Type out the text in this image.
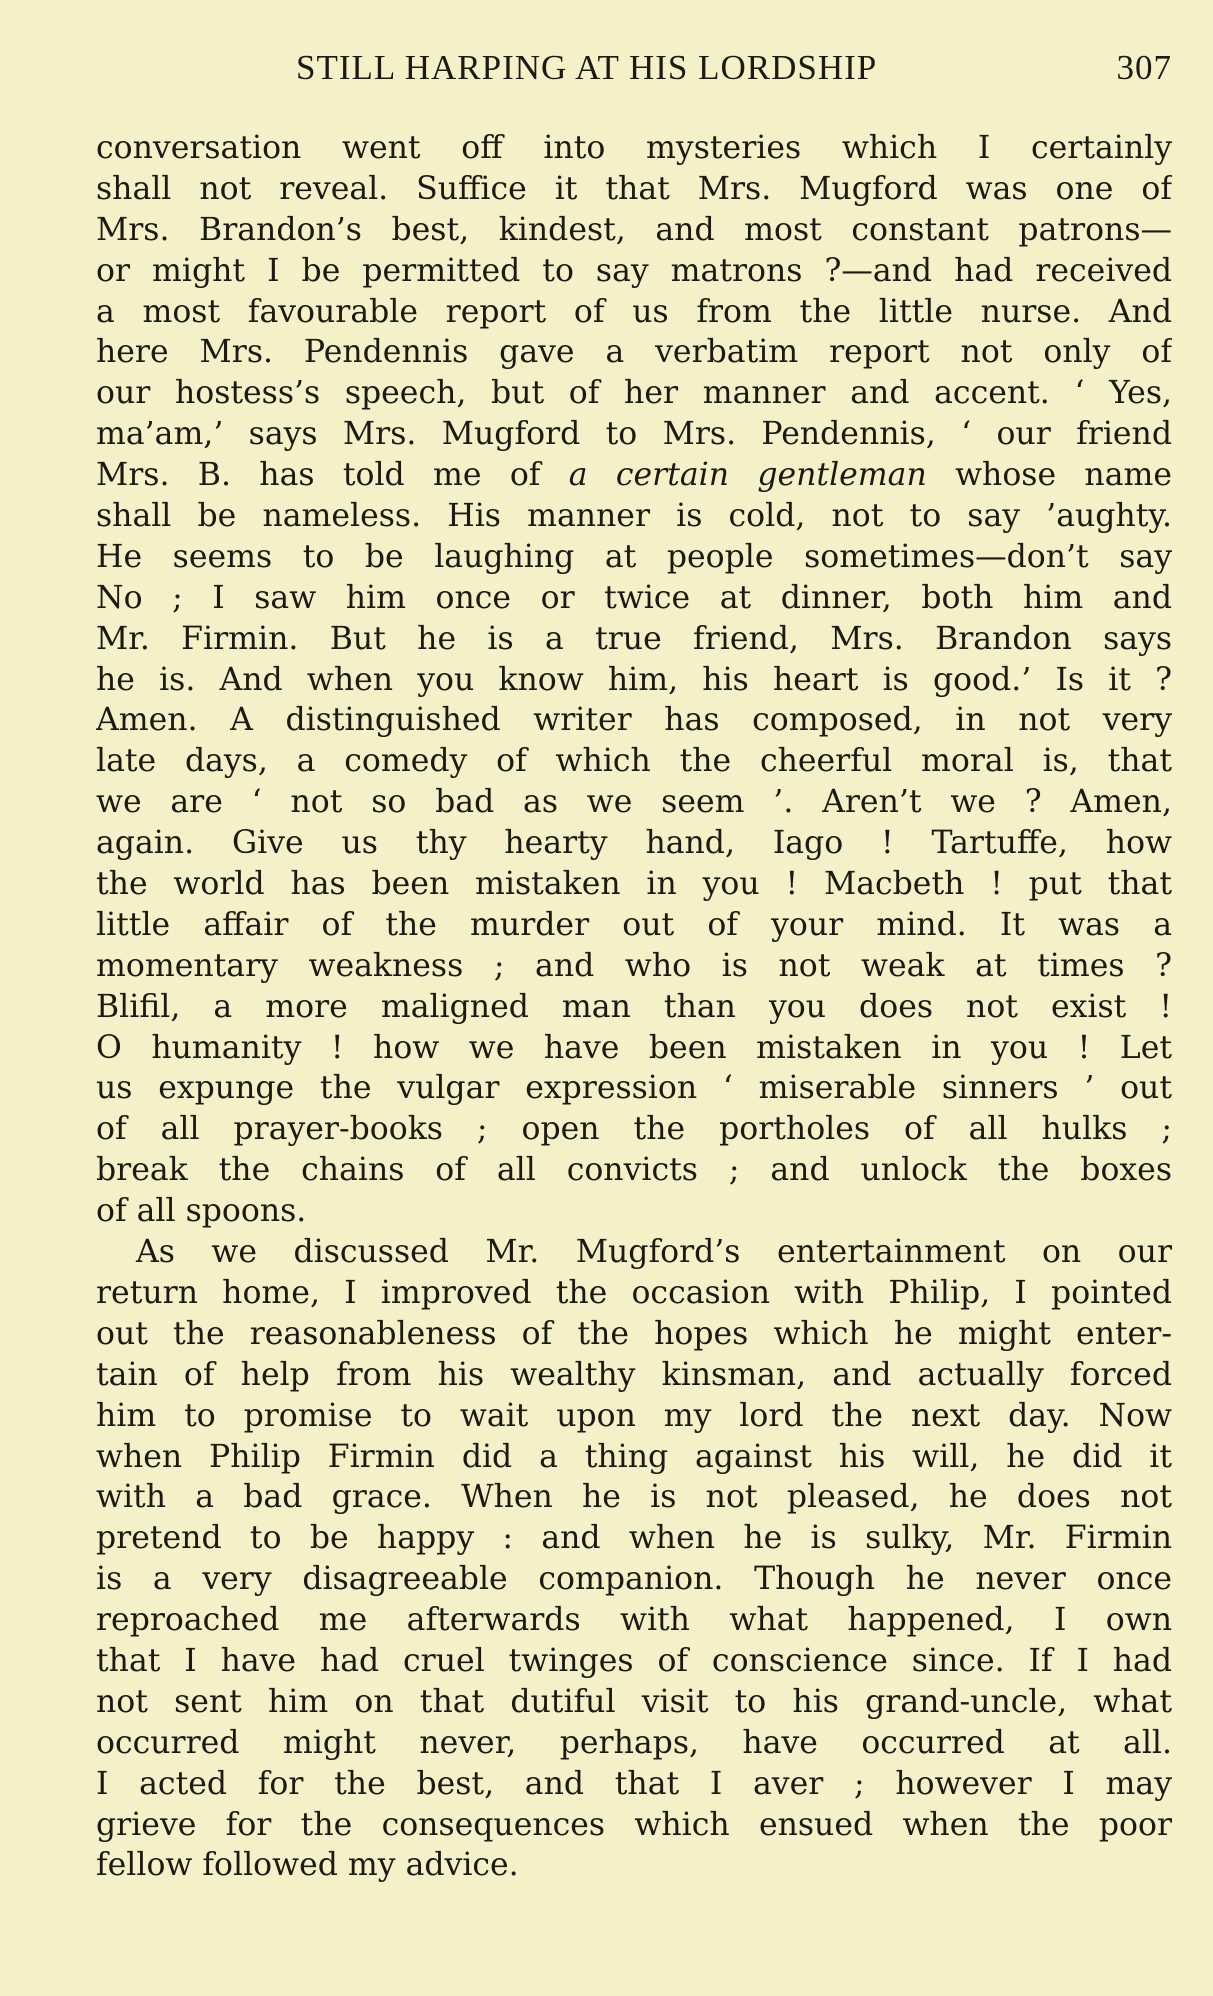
STILL HARPING AT HIS LORDSHIP	307
conversation went off into mysteries which I certainly
shall not reveal. Suffice it that Mrs. Mugford was one of
Mrs. Brandon’s best, kindest, and most constant patrons—
or might I be permitted to say matrons ?—and had received
a most favourable report of us from the little nurse. And
here Mrs. Pendennis gave a verbatim report not only of
our hostess’s speech, but of her manner and accent. ‘ Yes,
ma’am,’ says Mrs. Mugford to Mrs. Pendennis, ‘ our friend
Mrs. B. has told me of a certain gentleman whose name
shall be nameless. His manner is cold, not to say ’aughty.
He seems to be laughing at people sometimes—don’t say
No ; I saw him once or twice at dinner, both him and
Mr. Firmin. But he is a true friend, Mrs. Brandon says
he is. And when you know him, his heart is good.’ Is it ?
Amen. A distinguished writer has composed, in not very
late days, a comedy of which the cheerful moral is, that
we are ‘ not so bad as we seem ’. Aren’t we ? Amen,
again. Give us thy hearty hand, Iago ! Tartuffe, how
the world has been mistaken in you ! Macbeth ! put that
little affair of the murder out of your mind. It was a
momentary weakness ; and who is not weak at times ?
Blifil, a more maligned man than you does not exist !
O humanity ! how we have been mistaken in you ! Let
us expunge the vulgar expression ‘ miserable sinners ’ out
of all prayer-books ; open the portholes of all hulks ;
break the chains of all convicts ; and unlock the boxes
of all spoons.
As we discussed Mr. Mugford’s entertainment on our
return home, I improved the occasion with Philip, I pointed
out the reasonableness of the hopes which he might enter-
tain of help from his wealthy kinsman, and actually forced
him to promise to wait upon my lord the next day. Now
when Philip Firmin did a thing against his will, he did it
with a bad grace. When he is not pleased, he does not
pretend to be happy : and when he is sulky, Mr. Firmin
is a very disagreeable companion. Though he never once
reproached me afterwards with what happened, I own
that I have had cruel twinges of conscience since. If I had
not sent him on that dutiful visit to his grand-uncle, what
occurred might never, perhaps, have occurred at all.
I acted for the best, and that I aver ; however I may
grieve for the consequences which ensued when the poor
fellow followed my advice.
